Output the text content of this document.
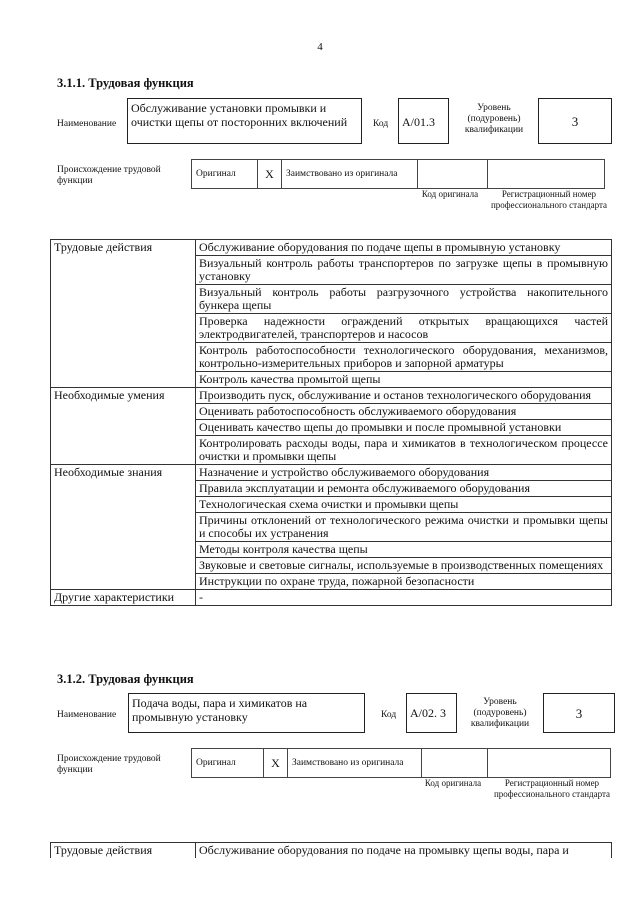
4
3.1.1. Трудовая функция
Наименование
Обслуживание установки промывки и очистки щепы от посторонних включений	Код	А/01.3
Уровень (подуровень) квалификации
3
Происхождение трудовой функции
Оригинал	X	Заимствовано из оригинала
Код оригинала	Регистрационный номер профессионального стандарта
Трудовые действия	Обслуживание оборудования по подаче щепы в промывную установку
	Визуальный контроль работы транспортеров по загрузке щепы в промывную установку
	Визуальный контроль работы разгрузочного устройства накопительного бункера щепы
	Проверка надежности ограждений открытых вращающихся частей электродвигателей, транспортеров и насосов
	Контроль работоспособности технологического оборудования, механизмов, контрольно-измерительных приборов и запорной арматуры
	Контроль качества промытой щепы
Необходимые умения	Производить пуск, обслуживание и останов технологического оборудования
	Оценивать работоспособность обслуживаемого оборудования
	Оценивать качество щепы до промывки и после промывной установки
	Контролировать расходы воды, пара и химикатов в технологическом процессе очистки и промывки щепы
Необходимые знания	Назначение и устройство обслуживаемого оборудования
	Правила эксплуатации и ремонта обслуживаемого оборудования
	Технологическая схема очистки и промывки щепы
	Причины отклонений от технологического режима очистки и промывки щепы и способы их устранения
	Методы контроля качества щепы
	Звуковые и световые сигналы, используемые в производственных помещениях
	Инструкции по охране труда, пожарной безопасности
Другие характеристики	-
3.1.2. Трудовая функция
Наименование
Подача воды, пара и химикатов на промывную установку	Код	А/02. 3
Уровень (подуровень) квалификации
3
Происхождение трудовой функции
Оригинал	X	Заимствовано из оригинала
Код оригинала	Регистрационный номер профессионального стандарта
Трудовые действия	Обслуживание оборудования по подаче на промывку щепы воды, пара и
